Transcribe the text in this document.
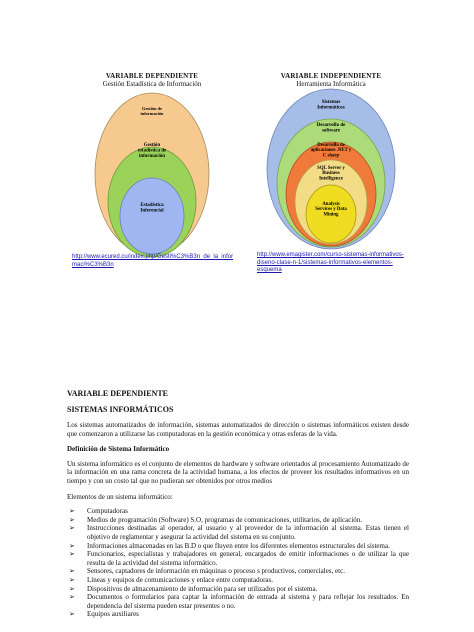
VARIABLE DEPENDIENTE
Gestión Estadística de Información
Gestión de información
Gestión estadística de información
Estadística Inferencial
http://www.ecured.cu/index.php/Gesti%C3%B3n_de_la_infor
maci%C3%B3n
VARIABLE INDEPENDIENTE
Herramienta Informática
Sistemas Informáticos
Desarrollo de software
Desarrollo de aplicaciones .NET y C sharp
SQL Server y Business Intelligence
Analysis Services y Data Mining
http://www.emagister.com/curso-sistemas-informativos-
diseno-clase-n-1/sistemas-informativos-elementos-
esquema
VARIABLE DEPENDIENTE
SISTEMAS INFORMÁTICOS
Los sistemas automatizados de información, sistemas automatizados de dirección o sistemas informáticos existen desde que comenzaron a utilizarse las computadoras en la gestión económica y otras esferas de la vida.
Definición de Sistema Informático
Un sistema informático es el conjunto de elementos de hardware y software orientados al procesamiento Automatizado de la información en una rama concreta de la actividad humana, a los efectos de proveer los resultados informativos en un tiempo y con un costo tal que no pudieran ser obtenidos por otros medios
Elementos de un sistema informático:
➢ Computadoras
➢ Medios de programación (Software) S.O, programas de comunicaciones, utilitarios, de aplicación.
➢ Instrucciones destinadas al operador, al usuario y al proveedor de la información al sistema. Estas tienen el objetivo de reglamentar y asegurar la actividad del sistema en su conjunto.
➢ Informaciones almacenadas en las B.D o que fluyen entre los diferentes elementos estructurales del sistema.
➢ Funcionarios, especialistas y trabajadores en general, encargados de emitir informaciones o de utilizar la que resulta de la actividad del sistema informático.
➢ Sensores, captadores de información en máquinas o proceso s productivos, comerciales, etc.
➢ Líneas y equipos de comunicaciones y enlace entre computadoras.
➢ Dispositivos de almacenamiento de información para ser utilizados por el sistema.
➢ Documentos o formularios para captar la información de entrada al sistema y para reflejar los resultados. En dependencia del sistema pueden estar presentes o no.
➢ Equipos auxiliares
